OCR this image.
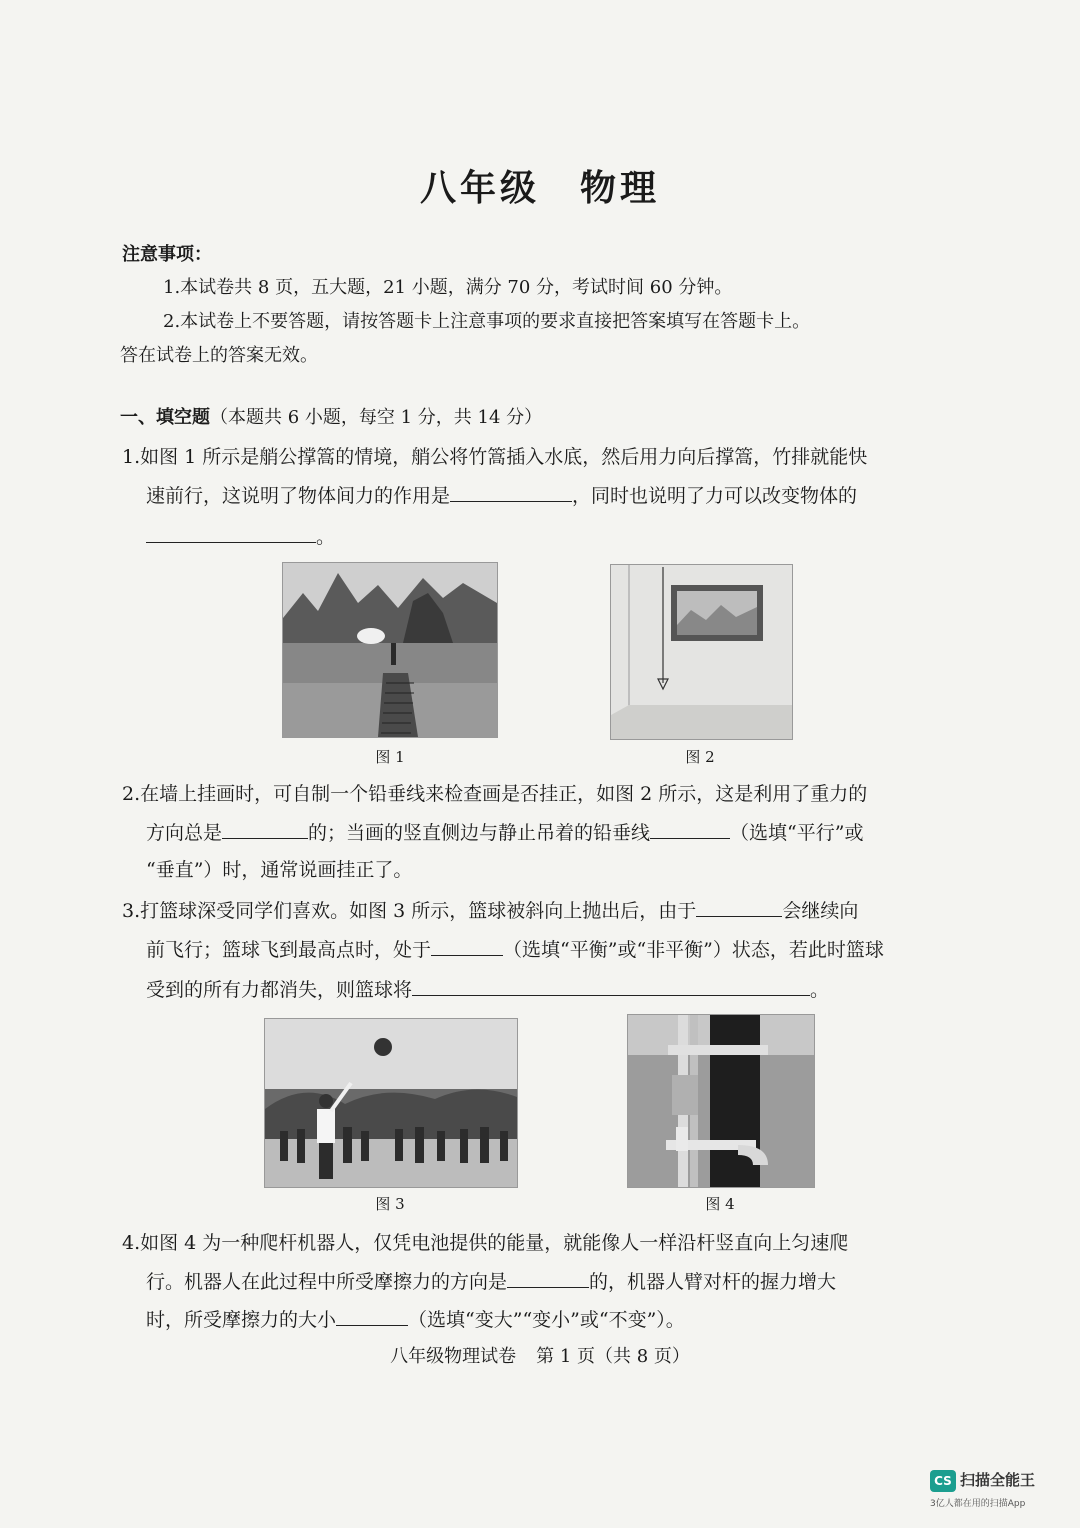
八年级 物理
注意事项：
1.本试卷共 8 页，五大题，21 小题，满分 70 分，考试时间 60 分钟。
2.本试卷上不要答题，请按答题卡上注意事项的要求直接把答案填写在答题卡上。
答在试卷上的答案无效。
一、填空题（本题共 6 小题，每空 1 分，共 14 分）
1.如图 1 所示是艄公撑篙的情境，艄公将竹篙插入水底，然后用力向后撑篙，竹排就能快
速前行，这说明了物体间力的作用是	，同时也说明了力可以改变物体的
。
图 1	图 2
2.在墙上挂画时，可自制一个铅垂线来检查画是否挂正，如图 2 所示，这是利用了重力的
方向总是	的；当画的竖直侧边与静止吊着的铅垂线	（选填“平行”或
“垂直”）时，通常说画挂正了。
3.打篮球深受同学们喜欢。如图 3 所示，篮球被斜向上抛出后，由于	会继续向
前飞行；篮球飞到最高点时，处于	（选填“平衡”或“非平衡”）状态，若此时篮球
受到的所有力都消失，则篮球将	。
图 3	图 4
4.如图 4 为一种爬杆机器人，仅凭电池提供的能量，就能像人一样沿杆竖直向上匀速爬
行。机器人在此过程中所受摩擦力的方向是	的，机器人臂对杆的握力增大
时，所受摩擦力的大小	（选填“变大”“变小”或“不变”）。
八年级物理试卷 第 1 页（共 8 页）
CS 扫描全能王
3亿人都在用的扫描App
